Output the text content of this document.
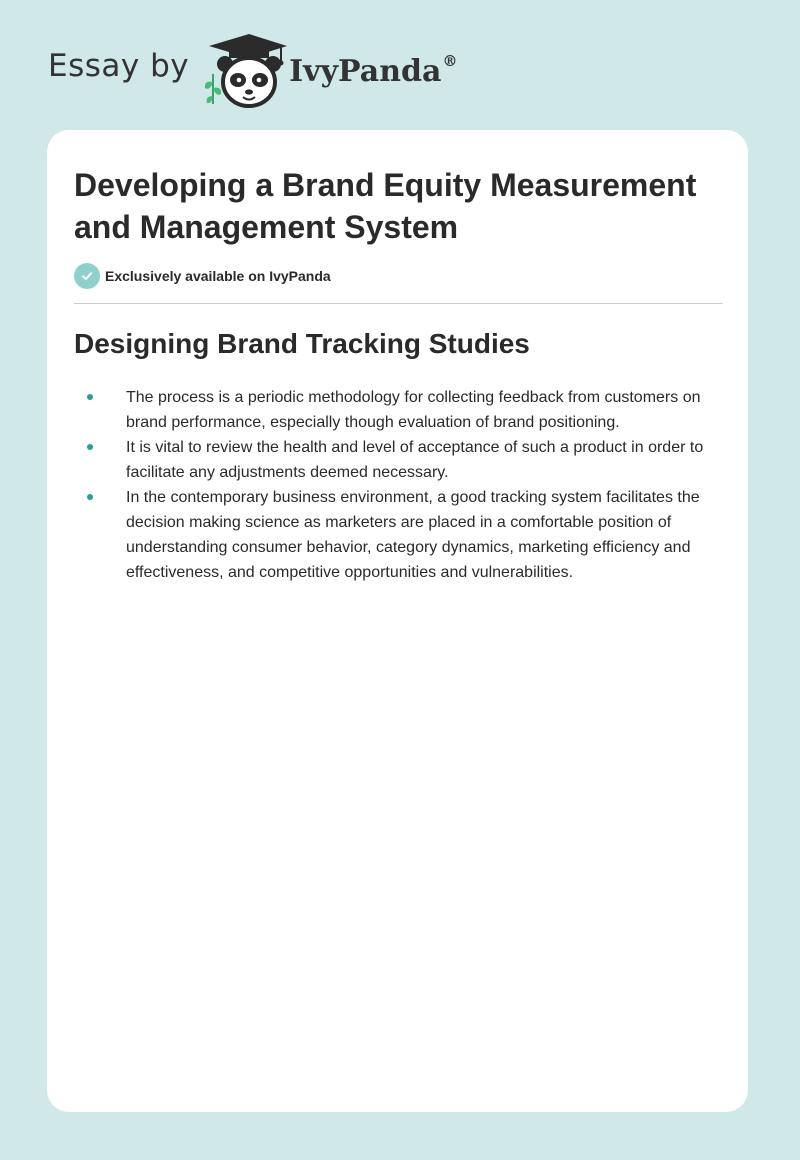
Essay by	IvyPanda®
Developing a Brand Equity Measurement and Management System
Exclusively available on IvyPanda
Designing Brand Tracking Studies
The process is a periodic methodology for collecting feedback from customers on brand performance, especially though evaluation of brand positioning.
It is vital to review the health and level of acceptance of such a product in order to facilitate any adjustments deemed necessary.
In the contemporary business environment, a good tracking system facilitates the decision making science as marketers are placed in a comfortable position of understanding consumer behavior, category dynamics, marketing efficiency and effectiveness, and competitive opportunities and vulnerabilities.
